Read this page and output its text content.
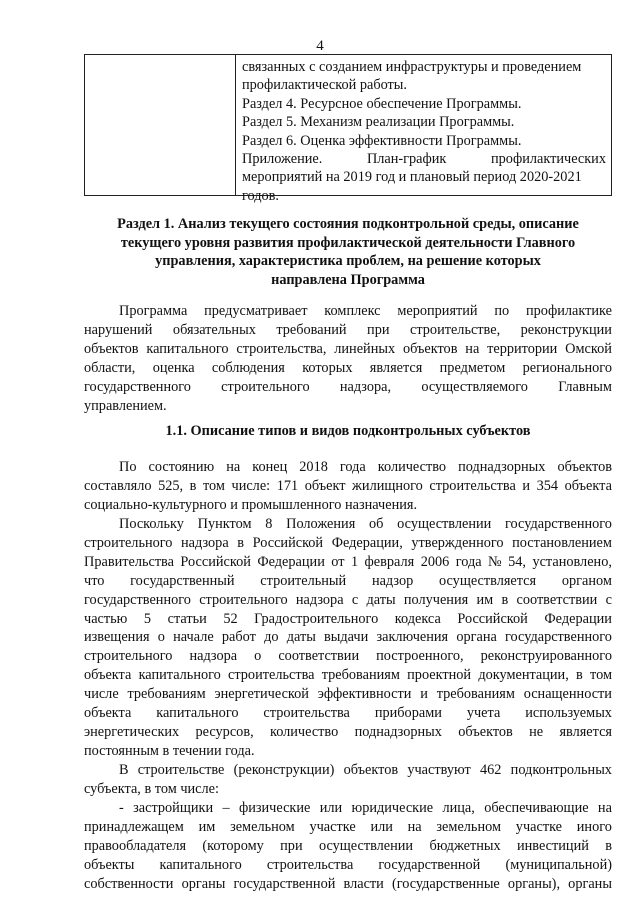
4
связанных с созданием инфраструктуры и проведением
профилактической работы.
Раздел 4. Ресурсное обеспечение Программы.
Раздел 5. Механизм реализации Программы.
Раздел 6. Оценка эффективности Программы.
Приложение.	План-график	профилактических
мероприятий на 2019 год и плановый период 2020-2021
годов.
Раздел 1. Анализ текущего состояния подконтрольной среды, описание
текущего уровня развития профилактической деятельности Главного
управления, характеристика проблем, на решение которых
направлена Программа
Программа предусматривает комплекс мероприятий по профилактике
нарушений обязательных требований при строительстве, реконструкции
объектов капитального строительства, линейных объектов на территории Омской
области, оценка соблюдения которых является предметом регионального
государственного строительного надзора, осуществляемого Главным
управлением.
1.1. Описание типов и видов подконтрольных субъектов
По состоянию на конец 2018 года количество поднадзорных объектов
составляло 525, в том числе: 171 объект жилищного строительства и 354 объекта
социально-культурного и промышленного назначения.
Поскольку Пунктом 8 Положения об осуществлении государственного
строительного надзора в Российской Федерации, утвержденного постановлением
Правительства Российской Федерации от 1 февраля 2006 года № 54, установлено,
что государственный строительный надзор осуществляется органом
государственного строительного надзора с даты получения им в соответствии с
частью 5 статьи 52 Градостроительного кодекса Российской Федерации
извещения о начале работ до даты выдачи заключения органа государственного
строительного надзора о соответствии построенного, реконструированного
объекта капитального строительства требованиям проектной документации, в том
числе требованиям энергетической эффективности и требованиям оснащенности
объекта капитального строительства приборами учета используемых
энергетических ресурсов, количество поднадзорных объектов не является
постоянным в течении года.
В строительстве (реконструкции) объектов участвуют 462 подконтрольных
субъекта, в том числе:
- застройщики – физические или юридические лица, обеспечивающие на
принадлежащем им земельном участке или на земельном участке иного
правообладателя (которому при осуществлении бюджетных инвестиций в
объекты капитального строительства государственной (муниципальной)
собственности органы государственной власти (государственные органы), органы
